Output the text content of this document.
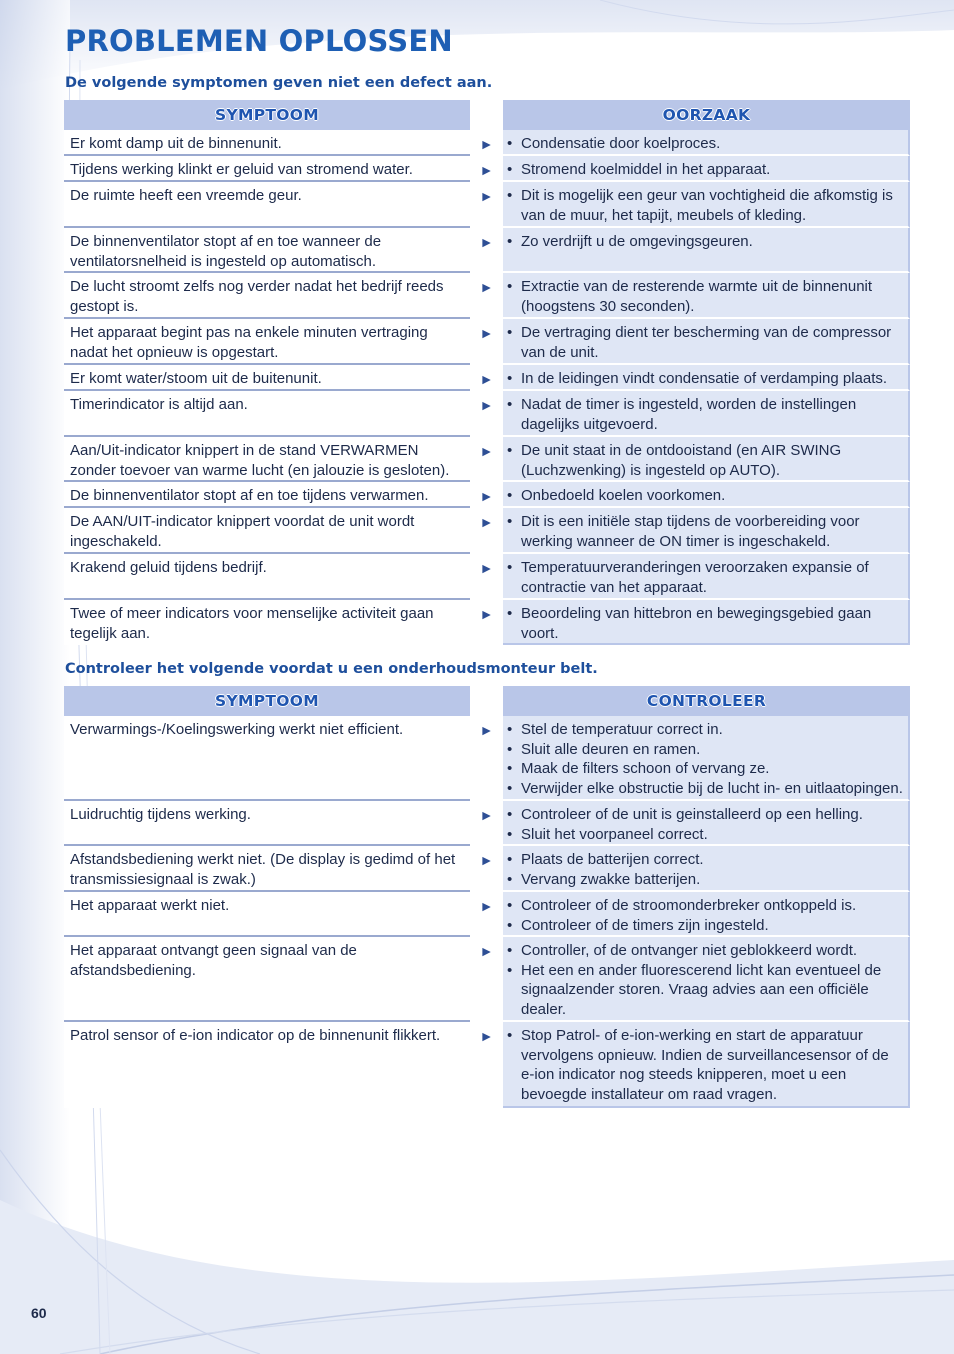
PROBLEMEN OPLOSSEN

De volgende symptomen geven niet een defect aan.

SYMPTOOM	OORZAAK
Er komt damp uit de binnenunit.	► • Condensatie door koelproces.
Tijdens werking klinkt er geluid van stromend water.	► • Stromend koelmiddel in het apparaat.
De ruimte heeft een vreemde geur.	► • Dit is mogelijk een geur van vochtigheid die afkomstig is van de muur, het tapijt, meubels of kleding.
De binnenventilator stopt af en toe wanneer de ventilatorsnelheid is ingesteld op automatisch.
► • Zo verdrijft u de omgevingsgeuren.
De lucht stroomt zelfs nog verder nadat het bedrijf reeds gestopt is.
► • Extractie van de resterende warmte uit de binnenunit (hoogstens 30 seconden).
Het apparaat begint pas na enkele minuten vertraging nadat het opnieuw is opgestart.
► • De vertraging dient ter bescherming van de compressor van de unit.
Er komt water/stoom uit de buitenunit.	► • In de leidingen vindt condensatie of verdamping plaats.
Timerindicator is altijd aan.	► • Nadat de timer is ingesteld, worden de instellingen dagelijks uitgevoerd.
Aan/Uit-indicator knippert in de stand VERWARMEN zonder toevoer van warme lucht (en jalouzie is gesloten).
► • De unit staat in de ontdooistand (en AIR SWING (Luchzwenking) is ingesteld op AUTO).
De binnenventilator stopt af en toe tijdens verwarmen.	► • Onbedoeld koelen voorkomen.
De AAN/UIT-indicator knippert voordat de unit wordt ingeschakeld.
► • Dit is een initiële stap tijdens de voorbereiding voor werking wanneer de ON timer is ingeschakeld.
Krakend geluid tijdens bedrijf.	► • Temperatuurveranderingen veroorzaken expansie of contractie van het apparaat.
Twee of meer indicators voor menselijke activiteit gaan tegelijk aan.
► • Beoordeling van hittebron en bewegingsgebied gaan voort.

Controleer het volgende voordat u een onderhoudsmonteur belt.

SYMPTOOM	CONTROLEER
Verwarmings-/Koelingswerking werkt niet efficient.	► • Stel de temperatuur correct in.
• Sluit alle deuren en ramen.
• Maak de filters schoon of vervang ze.
• Verwijder elke obstructie bij de lucht in- en uitlaatopingen.
Luidruchtig tijdens werking.	► • Controleer of de unit is geinstalleerd op een helling.
• Sluit het voorpaneel correct.
Afstandsbediening werkt niet. (De display is gedimd of het transmissiesignaal is zwak.)
► • Plaats de batterijen correct.
• Vervang zwakke batterijen.
Het apparaat werkt niet.	► • Controleer of de stroomonderbreker ontkoppeld is.
• Controleer of de timers zijn ingesteld.
Het apparaat ontvangt geen signaal van de afstandsbediening.
► • Controller, of de ontvanger niet geblokkeerd wordt.
• Het een en ander fluorescerend licht kan eventueel de signaalzender storen. Vraag advies aan een officiële dealer.
Patrol sensor of e-ion indicator op de binnenunit flikkert.	► • Stop Patrol- of e-ion-werking en start de apparatuur vervolgens opnieuw. Indien de surveillancesensor of de e-ion indicator nog steeds knipperen, moet u een bevoegde installateur om raad vragen.
60
